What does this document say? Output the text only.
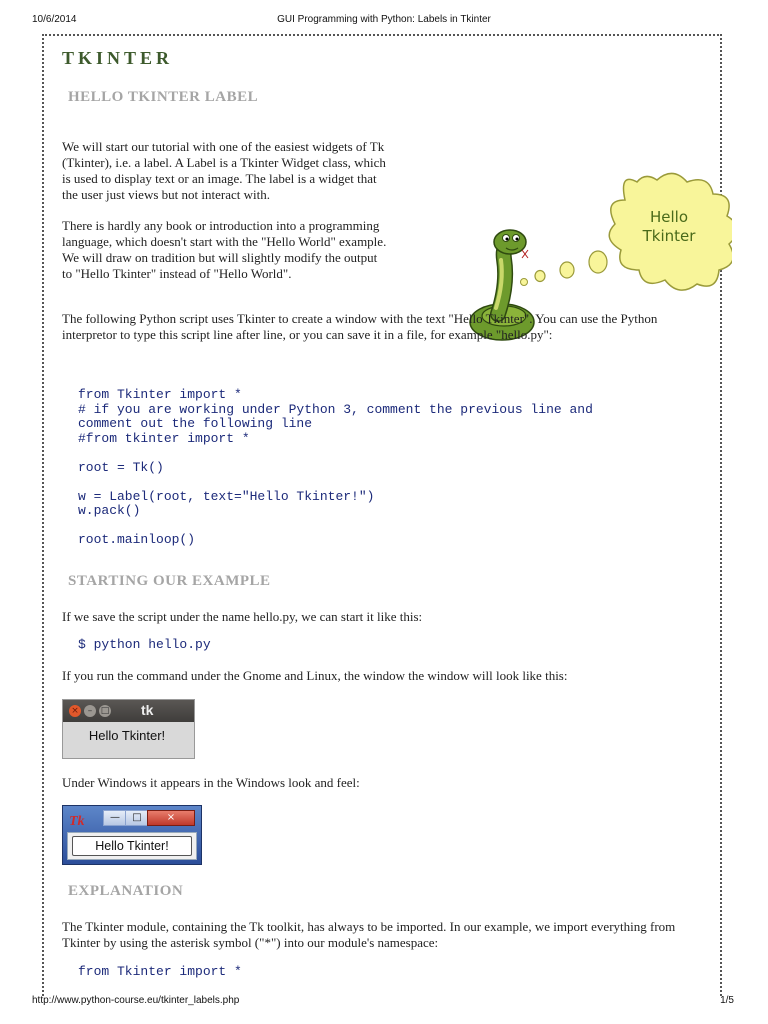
10/6/2014	GUI Programming with Python: Labels in Tkinter
TKINTER
HELLO TKINTER LABEL
We will start our tutorial with one of the easiest widgets of Tk (Tkinter), i.e. a label. A Label is a Tkinter Widget class, which is used to display text or an image. The label is a widget that the user just views but not interact with.
There is hardly any book or introduction into a programming language, which doesn't start with the "Hello World" example. We will draw on tradition but will slightly modify the output to "Hello Tkinter" instead of "Hello World".
Hello
Tkinter
The following Python script uses Tkinter to create a window with the text "Hello Tkinter". You can use the Python interpretor to type this script line after line, or you can save it in a file, for example "hello.py":
from Tkinter import *
# if you are working under Python 3, comment the previous line and
comment out the following line
#from tkinter import *

root = Tk()

w = Label(root, text="Hello Tkinter!")
w.pack()

root.mainloop()
STARTING OUR EXAMPLE
If we save the script under the name hello.py, we can start it like this:
$ python hello.py
If you run the command under the Gnome and Linux, the window the window will look like this:
× – □ tk
Hello Tkinter!
Under Windows it appears in the Windows look and feel:
Tk	—	□	×
Hello Tkinter!
EXPLANATION
The Tkinter module, containing the Tk toolkit, has always to be imported. In our example, we import everything from Tkinter by using the asterisk symbol ("*") into our module's namespace:
from Tkinter import *
http://www.python-course.eu/tkinter_labels.php	1/5
